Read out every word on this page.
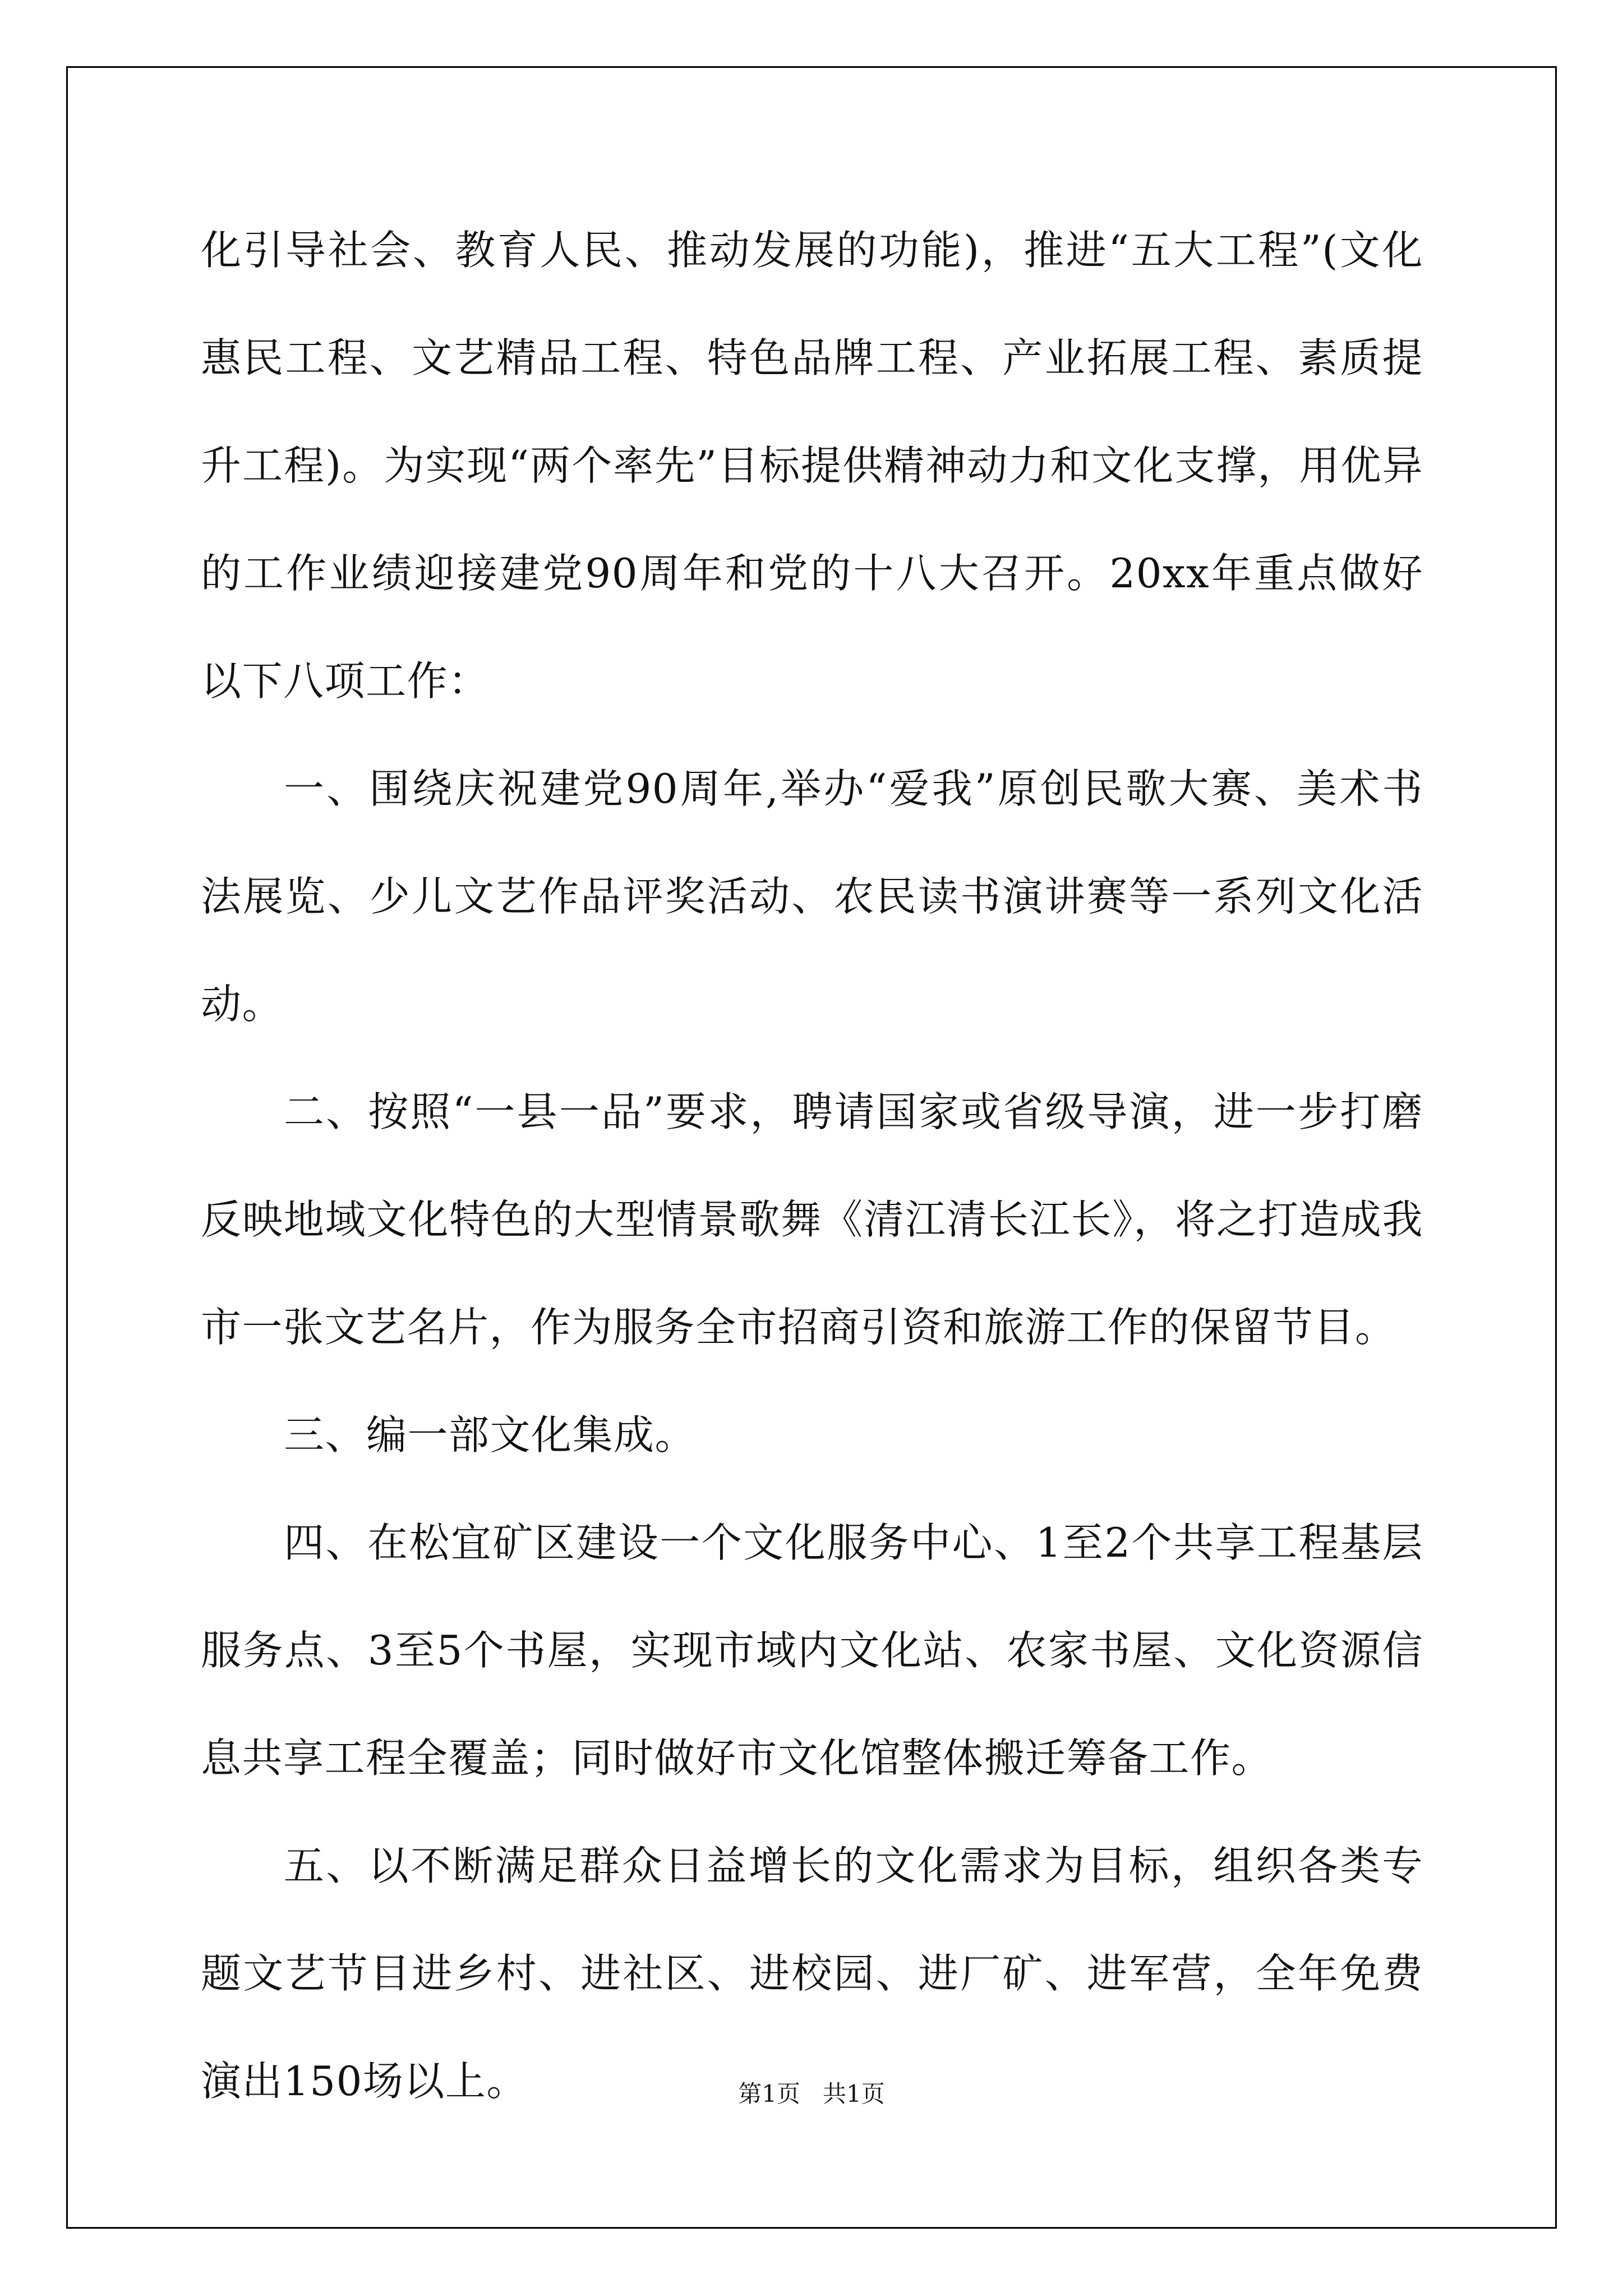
化引导社会、教育人民、推动发展的功能)，推进“五大工程”(文化惠民工程、文艺精品工程、特色品牌工程、产业拓展工程、素质提升工程)。为实现“两个率先”目标提供精神动力和文化支撑，用优异的工作业绩迎接建党90周年和党的十八大召开。20xx年重点做好以下八项工作：

一、围绕庆祝建党90周年,举办“爱我”原创民歌大赛、美术书法展览、少儿文艺作品评奖活动、农民读书演讲赛等一系列文化活动。

二、按照“一县一品”要求，聘请国家或省级导演，进一步打磨反映地域文化特色的大型情景歌舞《清江清长江长》，将之打造成我市一张文艺名片，作为服务全市招商引资和旅游工作的保留节目。

三、编一部文化集成。

四、在松宜矿区建设一个文化服务中心、1至2个共享工程基层服务点、3至5个书屋，实现市域内文化站、农家书屋、文化资源信息共享工程全覆盖；同时做好市文化馆整体搬迁筹备工作。

五、以不断满足群众日益增长的文化需求为目标，组织各类专题文艺节目进乡村、进社区、进校园、进厂矿、进军营，全年免费演出150场以上。	第1页 共1页
